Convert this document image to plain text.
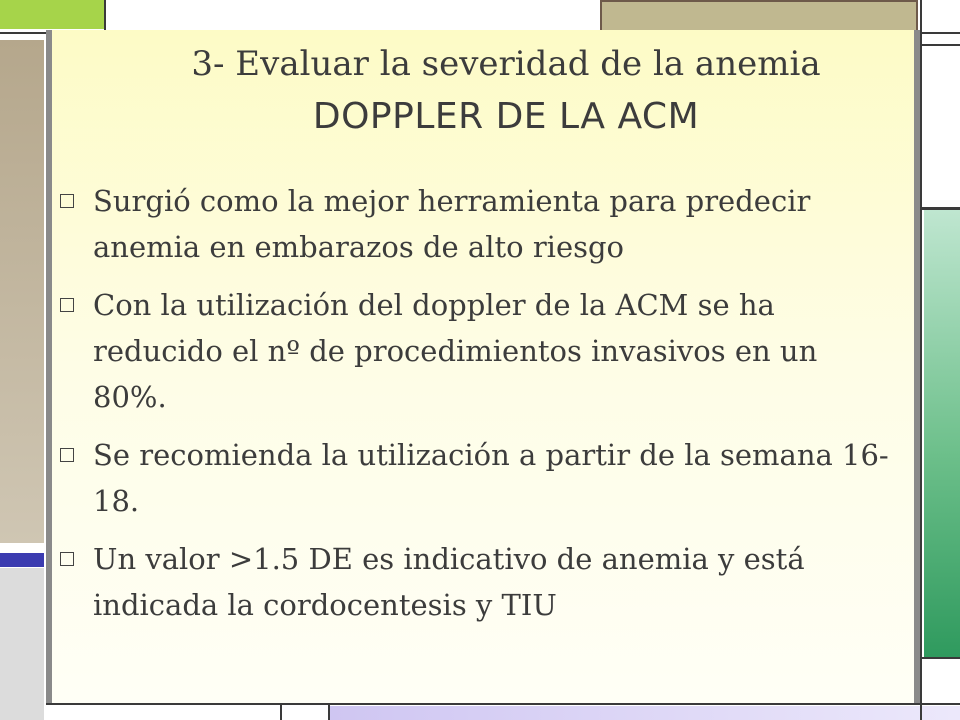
3- Evaluar la severidad de la anemia
DOPPLER DE LA ACM
Surgió como la mejor herramienta para predecir anemia en embarazos de alto riesgo
Con la utilización del doppler de la ACM se ha reducido el nº de procedimientos invasivos en un 80%.
Se recomienda la utilización a partir de la semana 16-18.
Un valor >1.5 DE es indicativo de anemia y está indicada la cordocentesis y TIU
